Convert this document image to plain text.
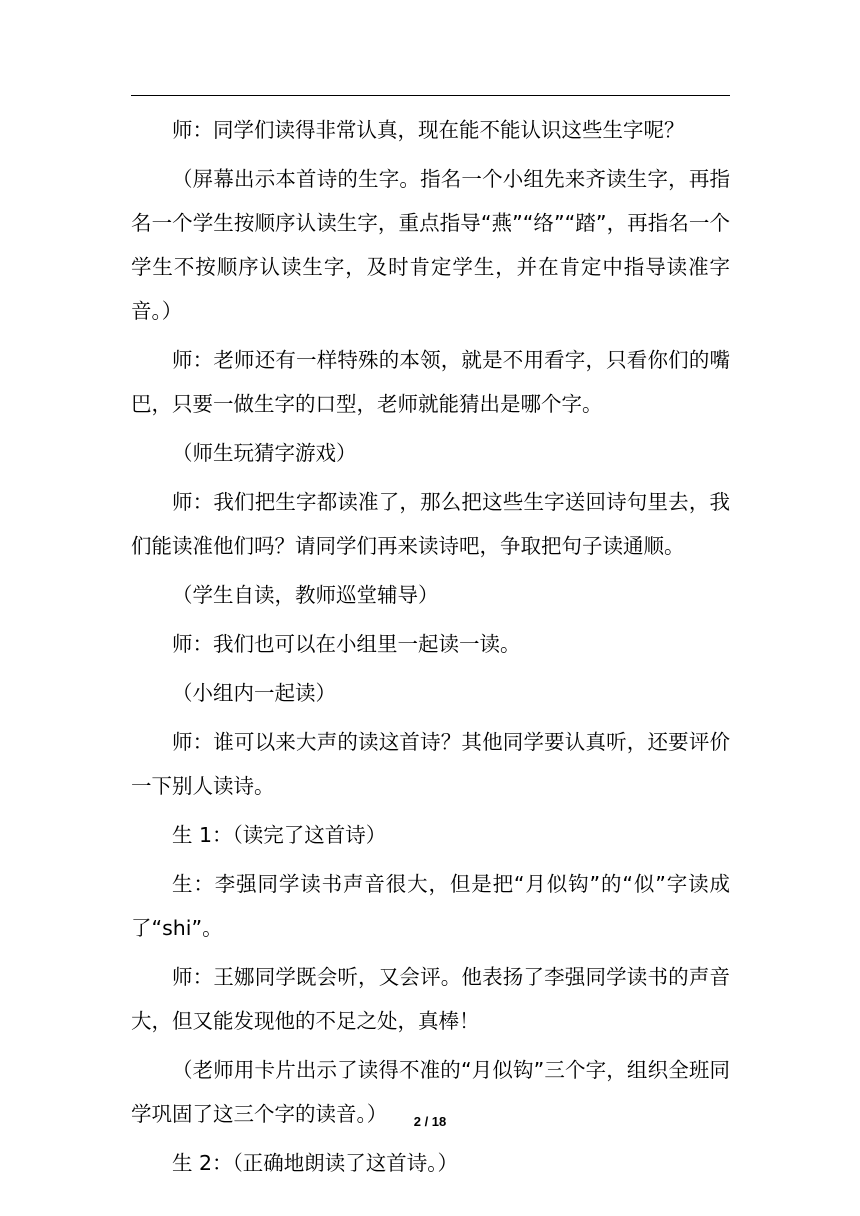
师：同学们读得非常认真，现在能不能认识这些生字呢？

（屏幕出示本首诗的生字。指名一个小组先来齐读生字，再指名一个学生按顺序认读生字，重点指导“燕”“络”“踏”，再指名一个学生不按顺序认读生字，及时肯定学生，并在肯定中指导读准字音。）

师：老师还有一样特殊的本领，就是不用看字，只看你们的嘴巴，只要一做生字的口型，老师就能猜出是哪个字。

（师生玩猜字游戏）

师：我们把生字都读准了，那么把这些生字送回诗句里去，我们能读准他们吗？请同学们再来读诗吧，争取把句子读通顺。

（学生自读，教师巡堂辅导）

师：我们也可以在小组里一起读一读。

（小组内一起读）

师：谁可以来大声的读这首诗？其他同学要认真听，还要评价一下别人读诗。

生 1：（读完了这首诗）

生：李强同学读书声音很大，但是把“月似钩”的“似”字读成了“shi”。

师：王娜同学既会听，又会评。他表扬了李强同学读书的声音大，但又能发现他的不足之处，真棒！

（老师用卡片出示了读得不准的“月似钩”三个字，组织全班同学巩固了这三个字的读音。）

生 2：（正确地朗读了这首诗。）

2 / 18
